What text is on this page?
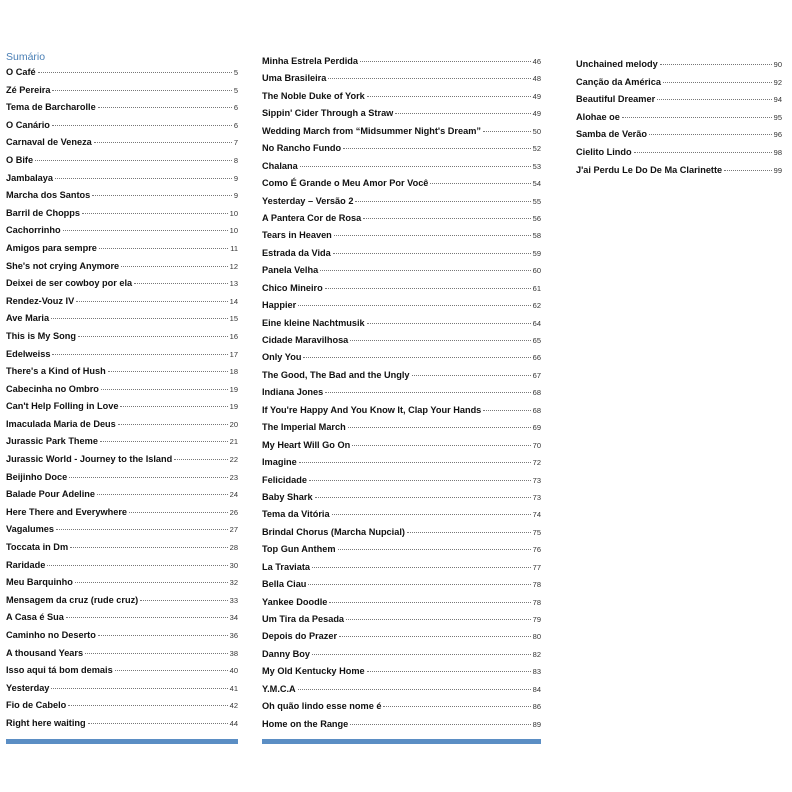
Sumário
O Café	5
Zé Pereira	5
Tema de Barcharolle	6
O Canário	6
Carnaval de Veneza	7
O Bife	8
Jambalaya	9
Marcha dos Santos	9
Barril de Chopps	10
Cachorrinho	10
Amigos para sempre	11
She's not crying Anymore	12
Deixei de ser cowboy por ela	13
Rendez-Vouz IV	14
Ave Maria	15
This is My Song	16
Edelweiss	17
There's a Kind of Hush	18
Cabecinha no Ombro	19
Can't Help Folling in Love	19
Imaculada Maria de Deus	20
Jurassic Park Theme	21
Jurassic World - Journey to the Island	22
Beijinho Doce	23
Balade Pour Adeline	24
Here There and Everywhere	26
Vagalumes	27
Toccata in Dm	28
Raridade	30
Meu Barquinho	32
Mensagem da cruz (rude cruz)	33
A Casa é Sua	34
Caminho no Deserto	36
A thousand Years	38
Isso aqui tá bom demais	40
Yesterday	41
Fio de Cabelo	42
Right here waiting	44
Minha Estrela Perdida	46
Uma Brasileira	48
The Noble Duke of York	49
Sippin' Cider Through a Straw	49
Wedding March from “Midsummer Night's Dream”	50
No Rancho Fundo	52
Chalana	53
Como É Grande o Meu Amor Por Você	54
Yesterday – Versão 2	55
A Pantera Cor de Rosa	56
Tears in Heaven	58
Estrada da Vida	59
Panela Velha	60
Chico Mineiro	61
Happier	62
Eine kleine Nachtmusik	64
Cidade Maravilhosa	65
Only You	66
The Good, The Bad and the Ungly	67
Indiana Jones	68
If You're Happy And You Know It, Clap Your Hands	68
The Imperial March	69
My Heart Will Go On	70
Imagine	72
Felicidade	73
Baby Shark	73
Tema da Vitória	74
Brindal Chorus (Marcha Nupcial)	75
Top Gun Anthem	76
La Traviata	77
Bella Ciau	78
Yankee Doodle	78
Um Tira da Pesada	79
Depois do Prazer	80
Danny Boy	82
My Old Kentucky Home	83
Y.M.C.A	84
Oh quão lindo esse nome é	86
Home on the Range	89
Unchained melody	90
Canção da América	92
Beautiful Dreamer	94
Alohae oe	95
Samba de Verão	96
Cielito Lindo	98
J'ai Perdu Le Do De Ma Clarinette	99
